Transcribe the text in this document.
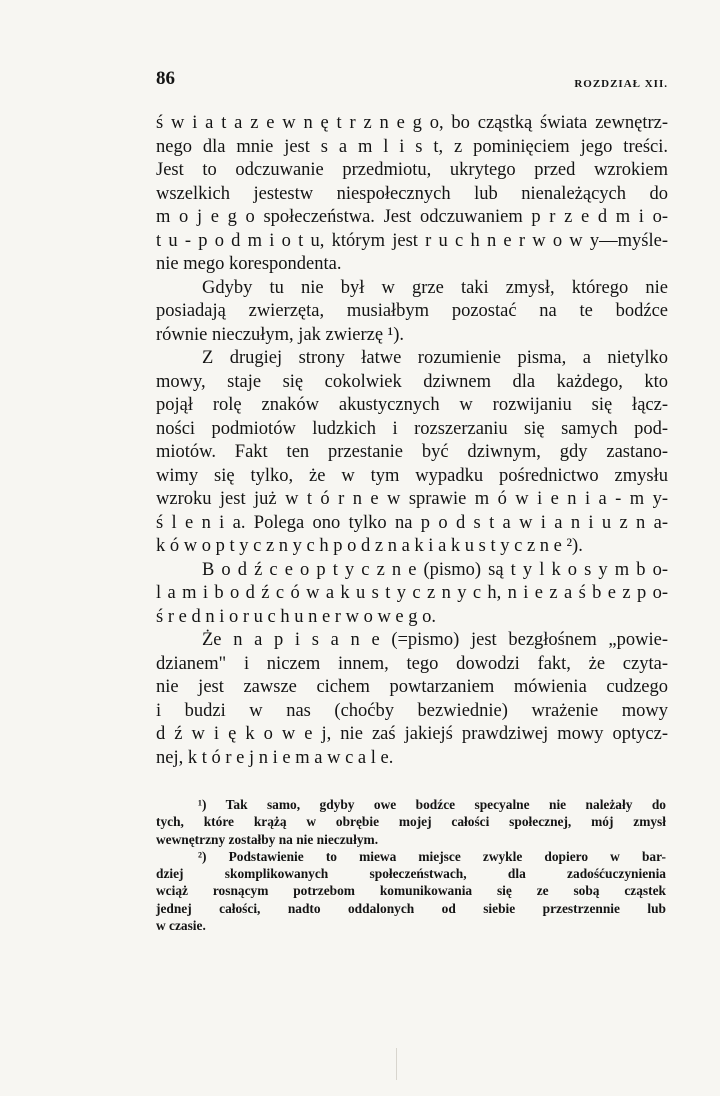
86	ROZDZIAŁ XII.
ś w i a t a z e w n ę t r z n e g o, bo cząstką świata zewnętrz-
nego dla mnie jest s a m l i s t, z pominięciem jego treści.
Jest to odczuwanie przedmiotu, ukrytego przed wzrokiem
wszelkich jestestw niespołecznych lub nienależących do
m o j e g o społeczeństwa. Jest odczuwaniem p r z e d m i o-
t u - p o d m i o t u, którym jest r u c h n e r w o w y—myśle-
nie mego korespondenta.
Gdyby tu nie był w grze taki zmysł, którego nie
posiadają zwierzęta, musiałbym pozostać na te bodźce
równie nieczułym, jak zwierzę ¹).
Z drugiej strony łatwe rozumienie pisma, a nietylko
mowy, staje się cokolwiek dziwnem dla każdego, kto
pojął rolę znaków akustycznych w rozwijaniu się łącz-
ności podmiotów ludzkich i rozszerzaniu się samych pod-
miotów. Fakt ten przestanie być dziwnym, gdy zastano-
wimy się tylko, że w tym wypadku pośrednictwo zmysłu
wzroku jest już w t ó r n e w sprawie m ó w i e n i a - m y-
ś l e n i a. Polega ono tylko na p o d s t a w i a n i u z n a-
k ó w o p t y c z n y c h p o d z n a k i a k u s t y c z n e ²).
B o d ź c e o p t y c z n e (pismo) są t y l k o s y m b o-
l a m i b o d ź c ó w a k u s t y c z n y c h, n i e z a ś b e z p o-
ś r e d n i o r u c h u n e r w o w e g o.
Że n a p i s a n e (=pismo) jest bezgłośnem „powie-
dzianem" i niczem innem, tego dowodzi fakt, że czyta-
nie jest zawsze cichem powtarzaniem mówienia cudzego
i budzi w nas (choćby bezwiednie) wrażenie mowy
d ź w i ę k o w e j, nie zaś jakiejś prawdziwej mowy optycz-
nej, k t ó r e j n i e m a w c a l e.
¹) Tak samo, gdyby owe bodźce specyalne nie należały do
tych, które krążą w obrębie mojej całości społecznej, mój zmysł
wewnętrzny zostałby na nie nieczułym.
²) Podstawienie to miewa miejsce zwykle dopiero w bar-
dziej skomplikowanych społeczeństwach, dla zadośćuczynienia
wciąż rosnącym potrzebom komunikowania się ze sobą cząstek
jednej całości, nadto oddalonych od siebie przestrzennie lub
w czasie.
